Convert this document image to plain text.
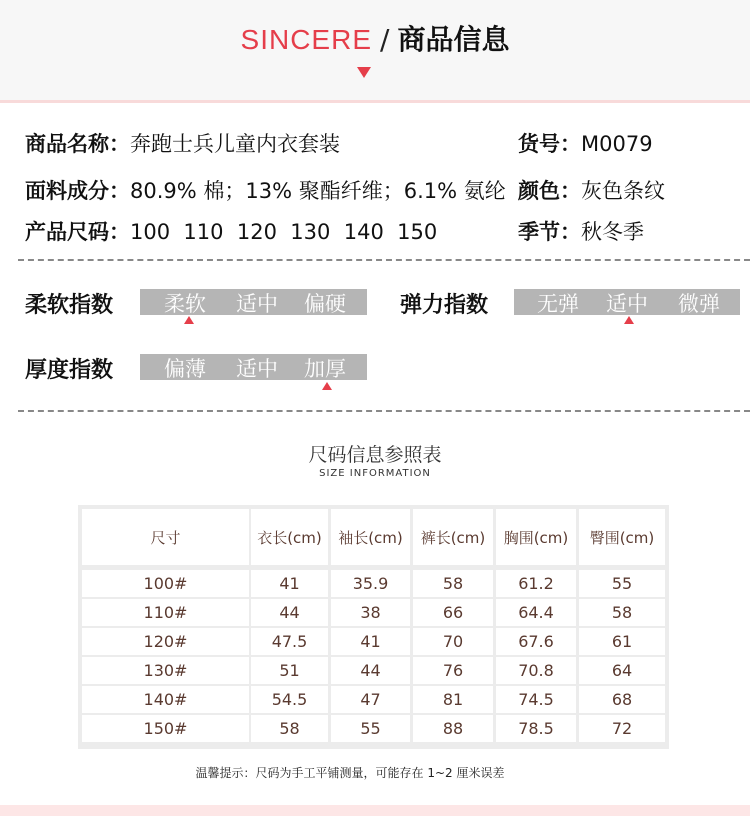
SINCERE / 商品信息
商品名称：奔跑士兵儿童内衣套装	货号：M0079
面料成分：80.9% 棉；13% 聚酯纤维；6.1% 氨纶 颜色：灰色条纹
产品尺码：100  110  120  130  140  150	季节：秋冬季
柔软指数 柔软 适中 偏硬 弹力指数 无弹 适中 微弹
厚度指数 偏薄 适中 加厚
尺码信息参照表
SIZE INFORMATION
尺寸	衣长(cm)	袖长(cm)	裤长(cm)	胸围(cm)	臀围(cm)
100#	41	35.9	58	61.2	55
110#	44	38	66	64.4	58
120#	47.5	41	70	67.6	61
130#	51	44	76	70.8	64
140#	54.5	47	81	74.5	68
150#	58	55	88	78.5	72
温馨提示：尺码为手工平铺测量，可能存在 1~2 厘米误差
